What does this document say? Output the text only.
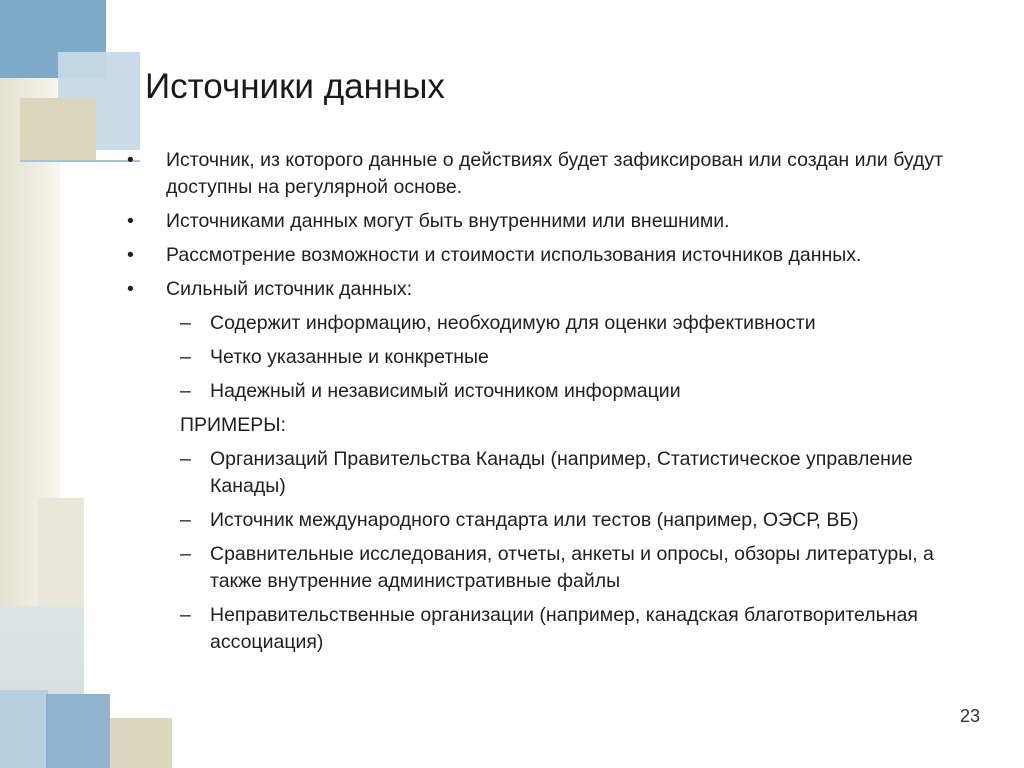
Источники данных
• Источник, из которого данные о действиях будет зафиксирован или создан или будут доступны на регулярной основе.
• Источниками данных могут быть внутренними или внешними.
• Рассмотрение возможности и стоимости использования источников данных.
• Сильный источник данных:
– Содержит информацию, необходимую для оценки эффективности
– Четко указанные и конкретные
– Надежный и независимый источником информации
ПРИМЕРЫ:
– Организаций Правительства Канады (например, Статистическое управление Канады)
– Источник международного стандарта или тестов (например, ОЭСР, ВБ)
– Сравнительные исследования, отчеты, анкеты и опросы, обзоры литературы, а также внутренние административные файлы
– Неправительственные организации (например, канадская благотворительная ассоциация)
23
